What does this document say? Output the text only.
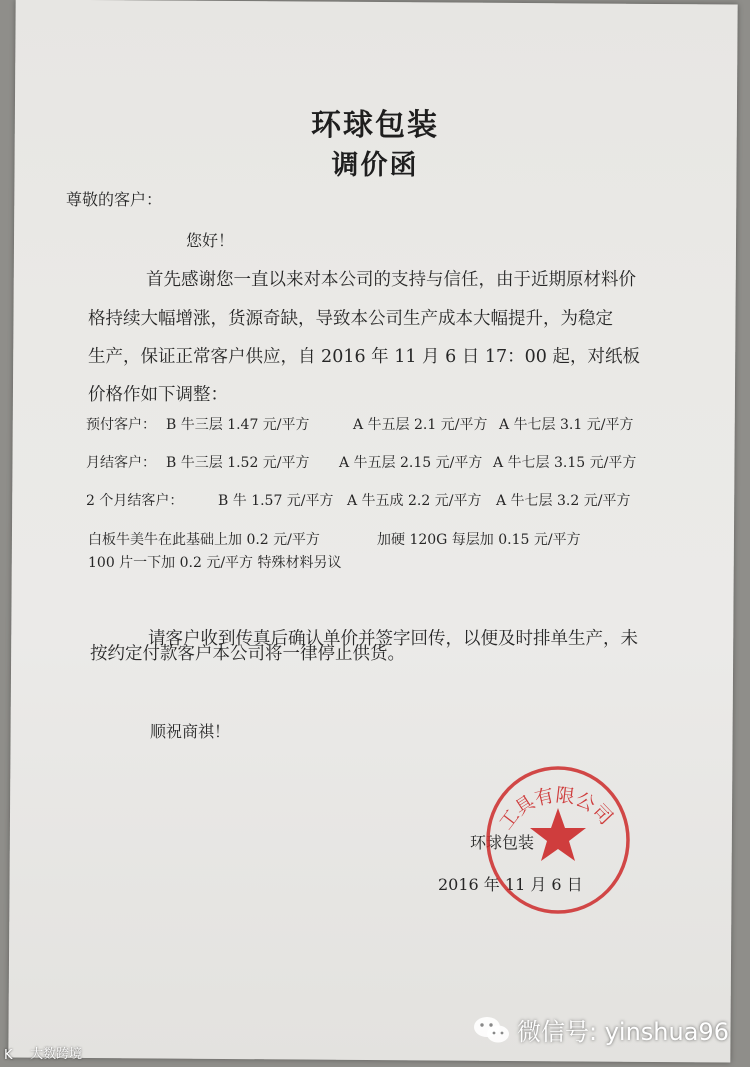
环球包装
调价函
尊敬的客户：
您好！
首先感谢您一直以来对本公司的支持与信任，由于近期原材料价
格持续大幅增涨，货源奇缺，导致本公司生产成本大幅提升，为稳定
生产，保证正常客户供应，自 2016 年 11 月 6 日 17：00 起，对纸板
价格作如下调整：
预付客户： B 牛三层 1.47 元/平方	A 牛五层 2.1 元/平方 A 牛七层 3.1 元/平方
月结客户： B 牛三层 1.52 元/平方 A 牛五层 2.15 元/平方 A 牛七层 3.15 元/平方
2 个月结客户： B 牛 1.57 元/平方 A 牛五成 2.2 元/平方 A 牛七层 3.2 元/平方
白板牛美牛在此基础上加 0.2 元/平方	加硬 120G 每层加 0.15 元/平方
100 片一下加 0.2 元/平方 特殊材料另议
请客户收到传真后确认单价并签字回传，以便及时排单生产，未
按约定付款客户本公司将一律停止供货。
顺祝商祺！
环球包装
2016 年 11 月 6 日
工具有限公司
微信号: yinshua96
K 大数跨境
